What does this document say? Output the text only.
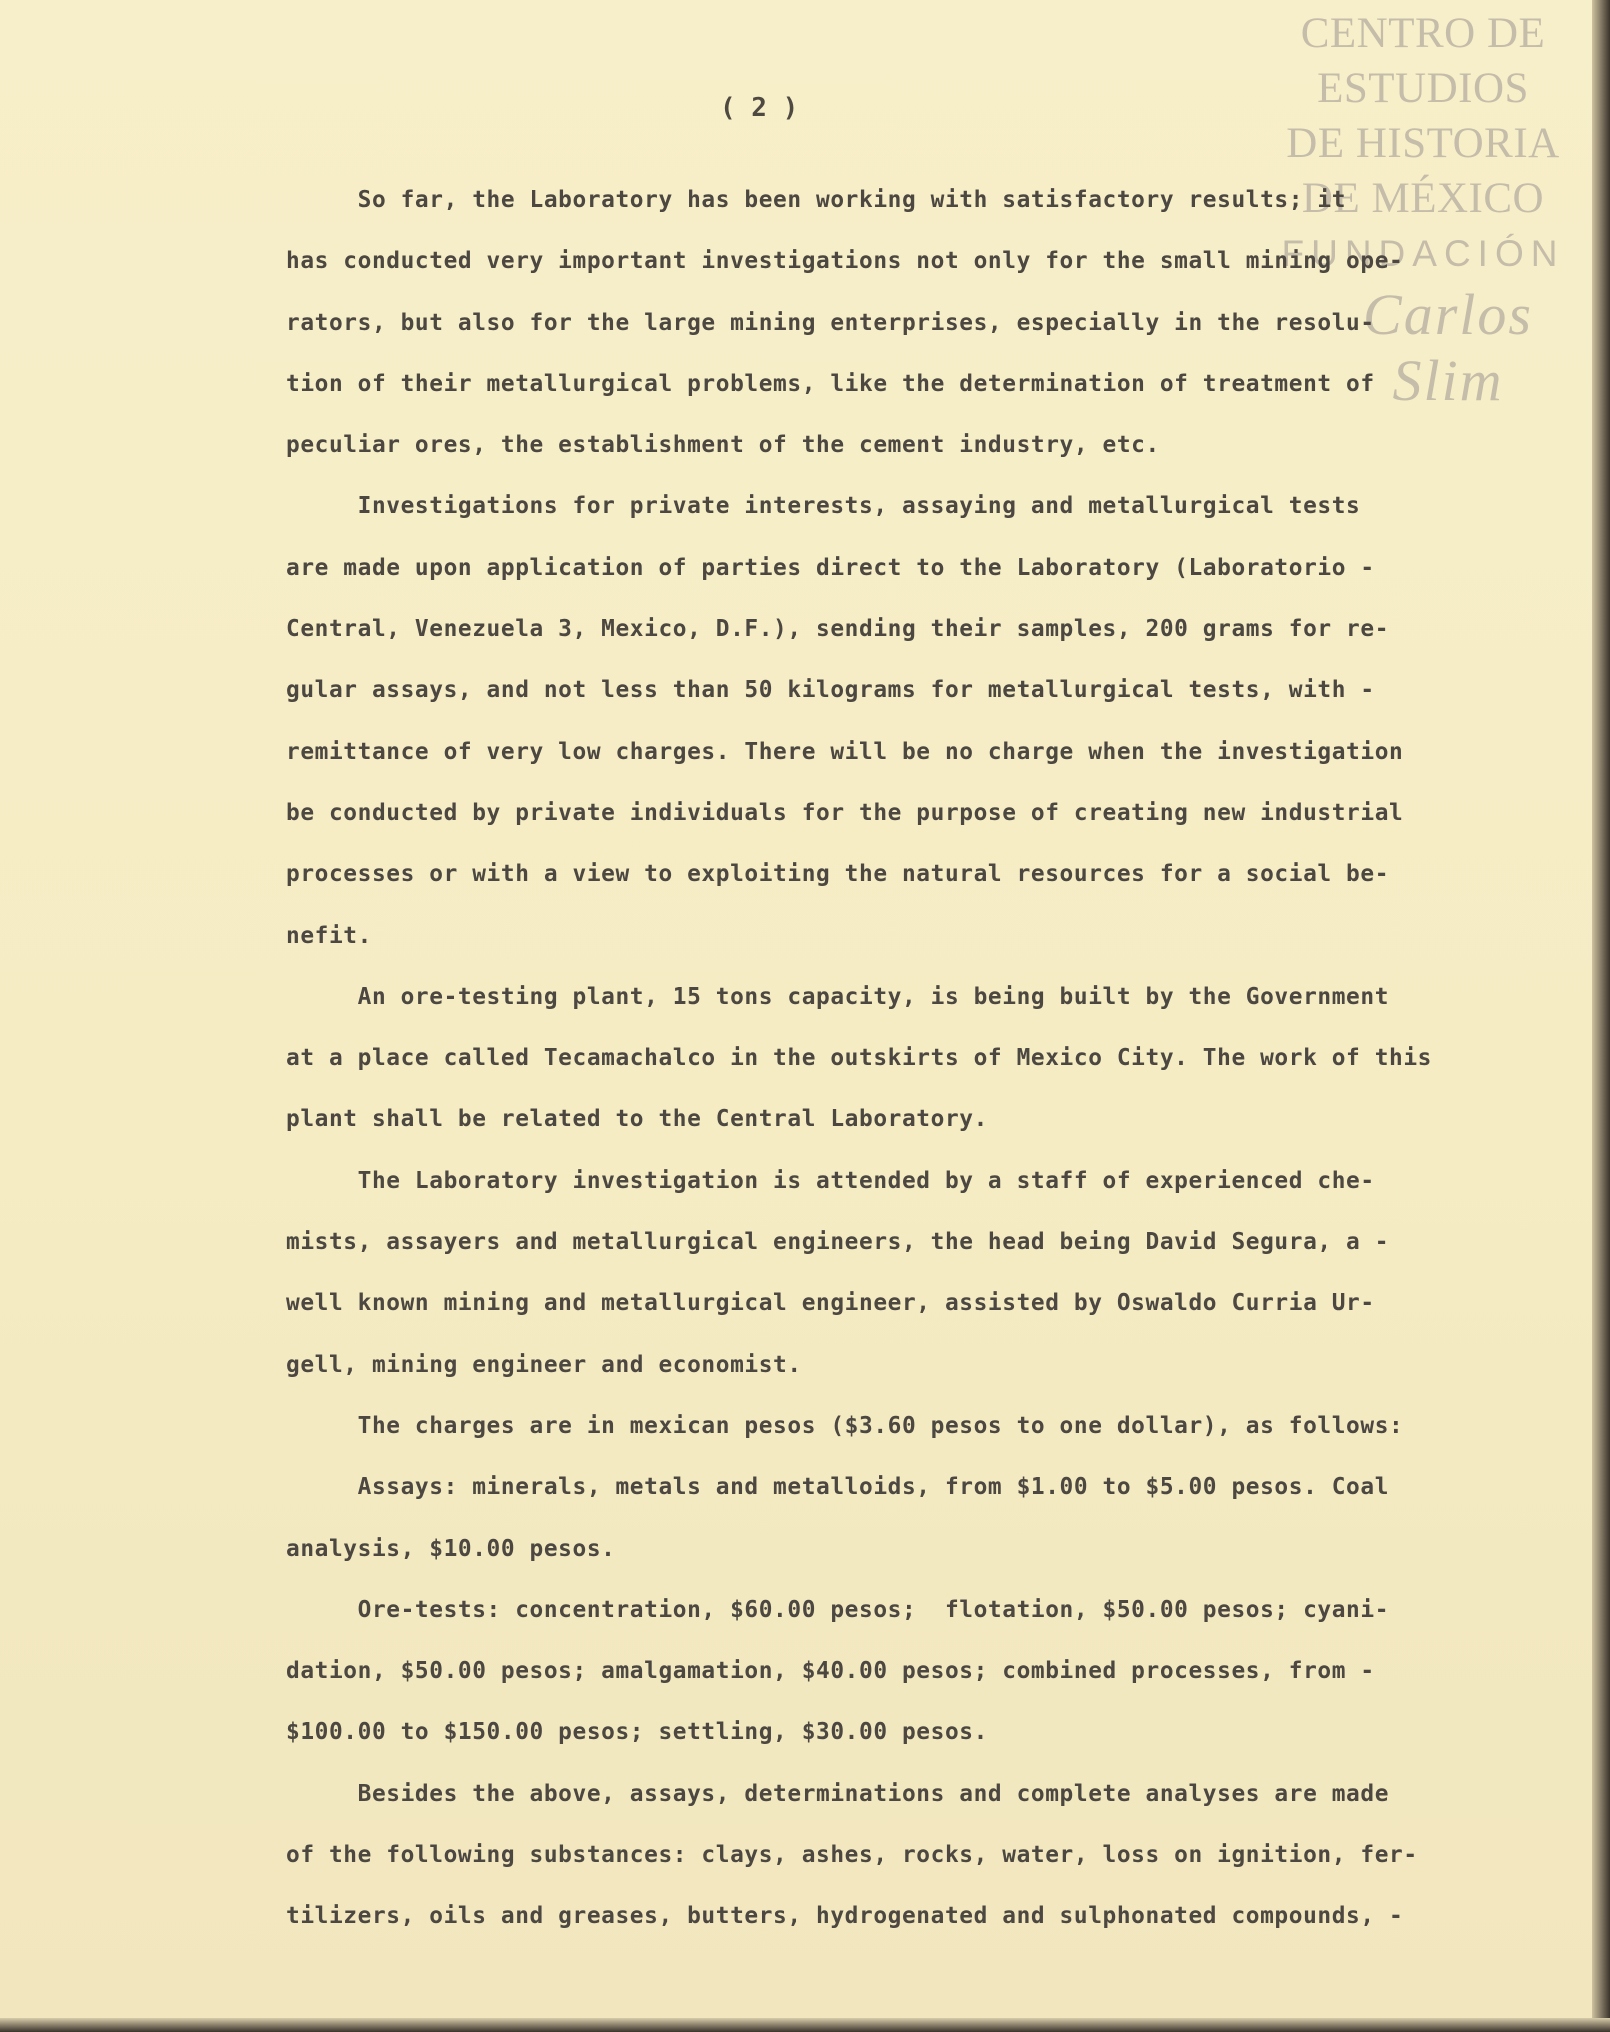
CENTRO DE
ESTUDIOS
DE HISTORIA
DE MÉXICO
FUNDACIÓN
Carlos Slim
( 2 )
So far, the Laboratory has been working with satisfactory results; it
has conducted very important investigations not only for the small mining ope-
rators, but also for the large mining enterprises, especially in the resolu-
tion of their metallurgical problems, like the determination of treatment of
peculiar ores, the establishment of the cement industry, etc.
Investigations for private interests, assaying and metallurgical tests
are made upon application of parties direct to the Laboratory (Laboratorio -
Central, Venezuela 3, Mexico, D.F.), sending their samples, 200 grams for re-
gular assays, and not less than 50 kilograms for metallurgical tests, with -
remittance of very low charges. There will be no charge when the investigation
be conducted by private individuals for the purpose of creating new industrial
processes or with a view to exploiting the natural resources for a social be-
nefit.
An ore-testing plant, 15 tons capacity, is being built by the Government
at a place called Tecamachalco in the outskirts of Mexico City. The work of this
plant shall be related to the Central Laboratory.
The Laboratory investigation is attended by a staff of experienced che-
mists, assayers and metallurgical engineers, the head being David Segura, a -
well known mining and metallurgical engineer, assisted by Oswaldo Curria Ur-
gell, mining engineer and economist.
The charges are in mexican pesos ($3.60 pesos to one dollar), as follows:
Assays: minerals, metals and metalloids, from $1.00 to $5.00 pesos. Coal
analysis, $10.00 pesos.
Ore-tests: concentration, $60.00 pesos;  flotation, $50.00 pesos; cyani-
dation, $50.00 pesos; amalgamation, $40.00 pesos; combined processes, from -
$100.00 to $150.00 pesos; settling, $30.00 pesos.
Besides the above, assays, determinations and complete analyses are made
of the following substances: clays, ashes, rocks, water, loss on ignition, fer-
tilizers, oils and greases, butters, hydrogenated and sulphonated compounds, -
